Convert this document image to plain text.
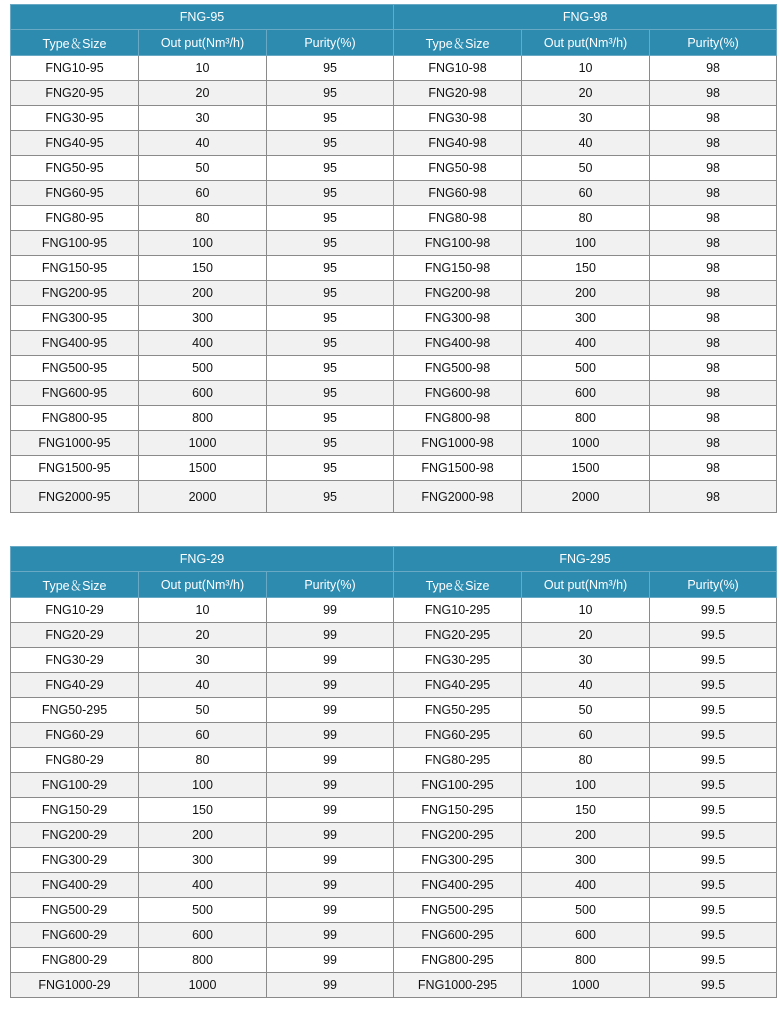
FNG-95			FNG-98		
Type＆Size	Out put(Nm³/h)	Purity(%)	Type＆Size	Out put(Nm³/h)	Purity(%)
FNG10-95	10	95	FNG10-98	10	98
FNG20-95	20	95	FNG20-98	20	98
FNG30-95	30	95	FNG30-98	30	98
FNG40-95	40	95	FNG40-98	40	98
FNG50-95	50	95	FNG50-98	50	98
FNG60-95	60	95	FNG60-98	60	98
FNG80-95	80	95	FNG80-98	80	98
FNG100-95	100	95	FNG100-98	100	98
FNG150-95	150	95	FNG150-98	150	98
FNG200-95	200	95	FNG200-98	200	98
FNG300-95	300	95	FNG300-98	300	98
FNG400-95	400	95	FNG400-98	400	98
FNG500-95	500	95	FNG500-98	500	98
FNG600-95	600	95	FNG600-98	600	98
FNG800-95	800	95	FNG800-98	800	98
FNG1000-95	1000	95	FNG1000-98	1000	98
FNG1500-95	1500	95	FNG1500-98	1500	98
FNG2000-95	2000	95	FNG2000-98	2000	98
FNG-29			FNG-295		
Type＆Size	Out put(Nm³/h)	Purity(%)	Type＆Size	Out put(Nm³/h)	Purity(%)
FNG10-29	10	99	FNG10-295	10	99.5
FNG20-29	20	99	FNG20-295	20	99.5
FNG30-29	30	99	FNG30-295	30	99.5
FNG40-29	40	99	FNG40-295	40	99.5
FNG50-295	50	99	FNG50-295	50	99.5
FNG60-29	60	99	FNG60-295	60	99.5
FNG80-29	80	99	FNG80-295	80	99.5
FNG100-29	100	99	FNG100-295	100	99.5
FNG150-29	150	99	FNG150-295	150	99.5
FNG200-29	200	99	FNG200-295	200	99.5
FNG300-29	300	99	FNG300-295	300	99.5
FNG400-29	400	99	FNG400-295	400	99.5
FNG500-29	500	99	FNG500-295	500	99.5
FNG600-29	600	99	FNG600-295	600	99.5
FNG800-29	800	99	FNG800-295	800	99.5
FNG1000-29	1000	99	FNG1000-295	1000	99.5
